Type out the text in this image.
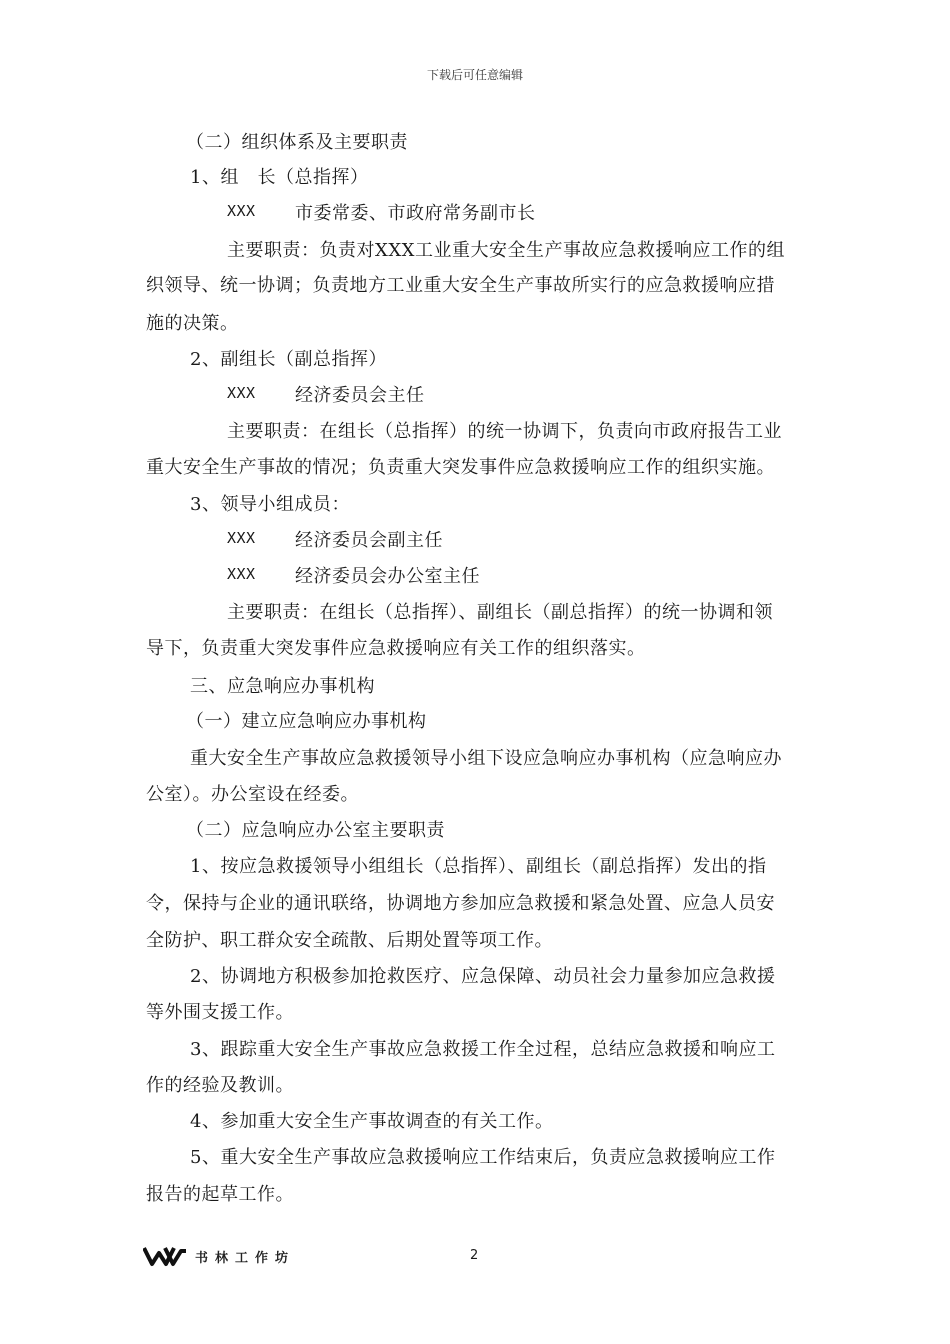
下载后可任意编辑
（二）组织体系及主要职责
1、组　长（总指挥）
XXX 市委常委、市政府常务副市长
主要职责：负责对XXX工业重大安全生产事故应急救援响应工作的组
织领导、统一协调；负责地方工业重大安全生产事故所实行的应急救援响应措
施的决策。
2、副组长（副总指挥）
XXX 经济委员会主任
主要职责：在组长（总指挥）的统一协调下，负责向市政府报告工业
重大安全生产事故的情况；负责重大突发事件应急救援响应工作的组织实施。
3、领导小组成员：
XXX 经济委员会副主任
XXX 经济委员会办公室主任
主要职责：在组长（总指挥）、副组长（副总指挥）的统一协调和领
导下，负责重大突发事件应急救援响应有关工作的组织落实。
三、应急响应办事机构
（一）建立应急响应办事机构
重大安全生产事故应急救援领导小组下设应急响应办事机构（应急响应办
公室）。办公室设在经委。
（二）应急响应办公室主要职责
1、按应急救援领导小组组长（总指挥）、副组长（副总指挥）发出的指
令，保持与企业的通讯联络，协调地方参加应急救援和紧急处置、应急人员安
全防护、职工群众安全疏散、后期处置等项工作。
2、协调地方积极参加抢救医疗、应急保障、动员社会力量参加应急救援
等外围支援工作。
3、跟踪重大安全生产事故应急救援工作全过程，总结应急救援和响应工
作的经验及教训。
4、参加重大安全生产事故调查的有关工作。
5、重大安全生产事故应急救援响应工作结束后，负责应急救援响应工作
报告的起草工作。
书林工作坊	2
